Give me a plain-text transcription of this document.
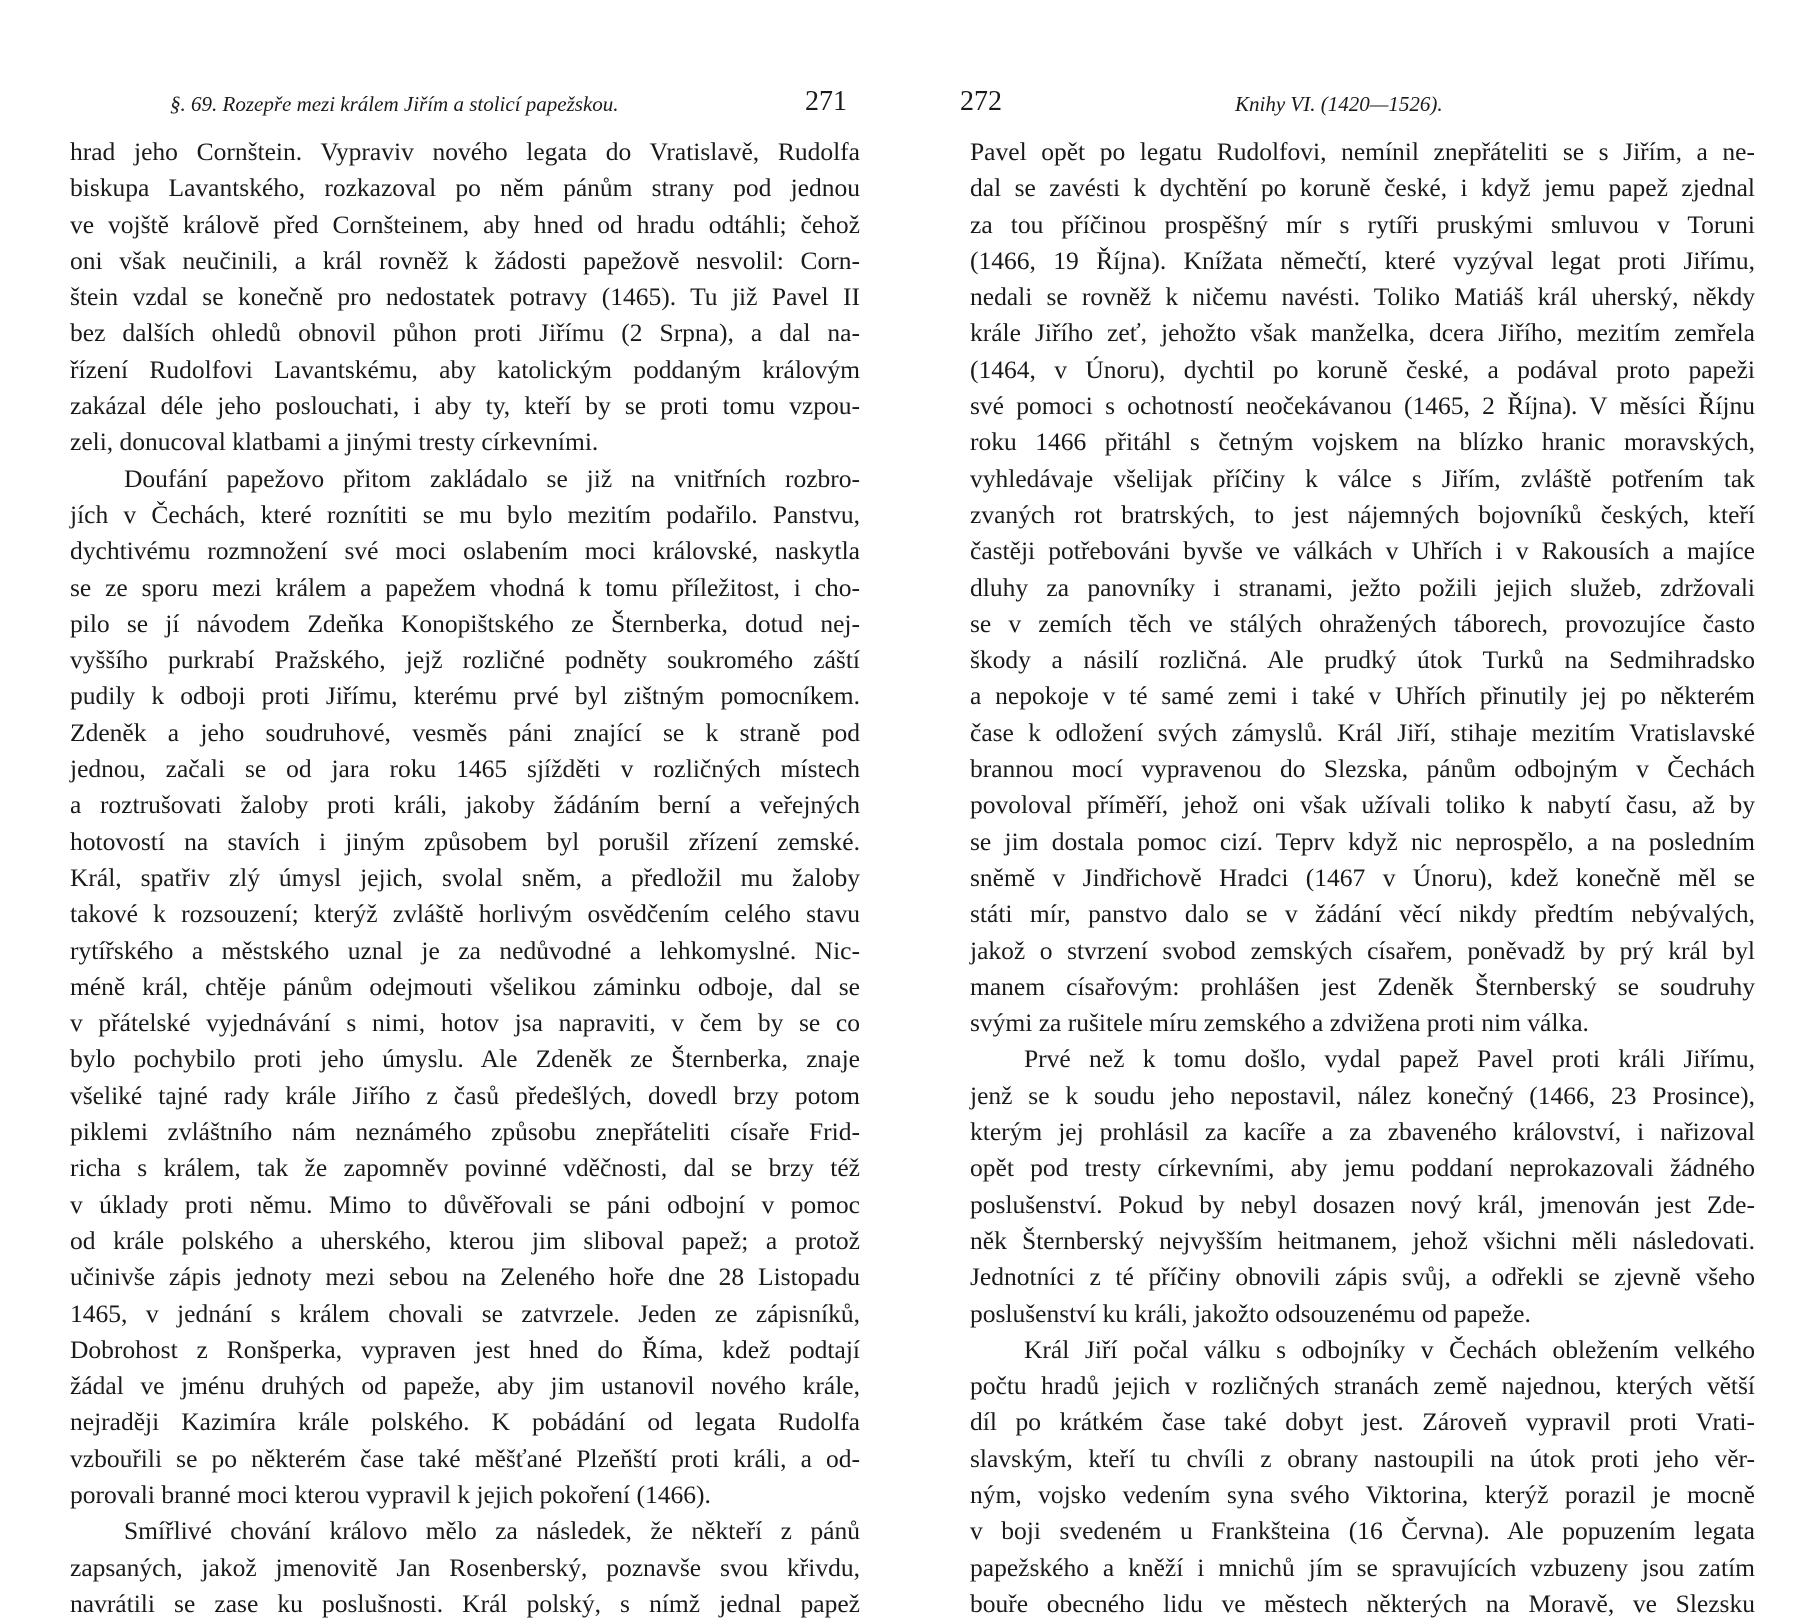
§. 69. Rozepře mezi králem Jiřím a stolicí papežskou.	271
hrad jeho Cornštein. Vypraviv nového legata do Vratislavě, Rudolfa
biskupa Lavantského, rozkazoval po něm pánům strany pod jednou
ve vojště královĕ před Cornšteinem, aby hned od hradu odtáhli; čehož
oni však neučinili, a král rovněž k žádosti papežově nesvolil: Corn-
štein vzdal se konečně pro nedostatek potravy (1465). Tu již Pavel II
bez dalších ohledů obnovil půhon proti Jiřímu (2 Srpna), a dal na-
řízení Rudolfovi Lavantskému, aby katolickým poddaným královým
zakázal déle jeho poslouchati, i aby ty, kteří by se proti tomu vzpou-
zeli, donucoval klatbami a jinými tresty církevními.
Doufání papežovo přitom zakládalo se již na vnitřních rozbro-
jích v Čechách, které roznítiti se mu bylo mezitím podařilo. Panstvu,
dychtivému rozmnožení své moci oslabením moci královské, naskytla
se ze sporu mezi králem a papežem vhodná k tomu příležitost, i cho-
pilo se jí návodem Zdeňka Konopištského ze Šternberka, dotud nej-
vyššího purkrabí Pražského, jejž rozličné podněty soukromého záští
pudily k odboji proti Jiřímu, kterému prvé byl zištným pomocníkem.
Zdeněk a jeho soudruhové, vesměs páni znající se k straně pod
jednou, začali se od jara roku 1465 sjížděti v rozličných místech
a roztrušovati žaloby proti králi, jakoby žádáním berní a veřejných
hotovostí na stavích i jiným způsobem byl porušil zřízení zemské.
Král, spatřiv zlý úmysl jejich, svolal sněm, a předložil mu žaloby
takové k rozsouzení; kterýž zvláště horlivým osvědčením celého stavu
rytířského a městského uznal je za nedůvodné a lehkomyslné. Nic-
méně král, chtěje pánům odejmouti všelikou záminku odboje, dal se
v přátelské vyjednávání s nimi, hotov jsa napraviti, v čem by se co
bylo pochybilo proti jeho úmyslu. Ale Zdeněk ze Šternberka, znaje
všeliké tajné rady krále Jiřího z časů předešlých, dovedl brzy potom
piklemi zvláštního nám neznámého způsobu znepřáteliti císaře Frid-
richa s králem, tak že zapomněv povinné vděčnosti, dal se brzy též
v úklady proti němu. Mimo to důvěřovali se páni odbojní v pomoc
od krále polského a uherského, kterou jim sliboval papež; a protož
učinivše zápis jednoty mezi sebou na Zeleného hoře dne 28 Listopadu
1465, v jednání s králem chovali se zatvrzele. Jeden ze zápisníků,
Dobrohost z Ronšperka, vypraven jest hned do Říma, kdež podtají
žádal ve jménu druhých od papeže, aby jim ustanovil nového krále,
nejraději Kazimíra krále polského. K pobádání od legata Rudolfa
vzbouřili se po některém čase také měšťané Plzeňští proti králi, a od-
porovali branné moci kterou vypravil k jejich pokoření (1466).
Smířlivé chování královo mělo za následek, že někteří z pánů
zapsaných, jakož jmenovitě Jan Rosenberský, poznavše svou křivdu,
navrátili se zase ku poslušnosti. Král polský, s nímž jednal papež
272	Knihy VI. (1420—1526).
Pavel opět po legatu Rudolfovi, nemínil znepřáteliti se s Jiřím, a ne-
dal se zavésti k dychtění po koruně české, i když jemu papež zjednal
za tou příčinou prospěšný mír s rytíři pruskými smluvou v Toruni
(1466, 19 Října). Knížata němečtí, které vyzýval legat proti Jiřímu,
nedali se rovněž k ničemu navésti. Toliko Matiáš král uherský, někdy
krále Jiřího zeť, jehožto však manželka, dcera Jiřího, mezitím zemřela
(1464, v Únoru), dychtil po koruně české, a podával proto papeži
své pomoci s ochotností neočekávanou (1465, 2 Října). V měsíci Říjnu
roku 1466 přitáhl s četným vojskem na blízko hranic moravských,
vyhledávaje všelijak příčiny k válce s Jiřím, zvláště potřením tak
zvaných rot bratrských, to jest nájemných bojovníků českých, kteří
častěji potřebováni byvše ve válkách v Uhřích i v Rakousích a majíce
dluhy za panovníky i stranami, ježto požili jejich služeb, zdržovali
se v zemích těch ve stálých ohražených táborech, provozujíce často
škody a násilí rozličná. Ale prudký útok Turků na Sedmihradsko
a nepokoje v té samé zemi i také v Uhřích přinutily jej po některém
čase k odložení svých zámyslů. Král Jiří, stihaje mezitím Vratislavské
brannou mocí vypravenou do Slezska, pánům odbojným v Čechách
povoloval příměří, jehož oni však užívali toliko k nabytí času, až by
se jim dostala pomoc cizí. Teprv když nic neprospělo, a na posledním
sněmě v Jindřichově Hradci (1467 v Únoru), kdež konečně měl se
státi mír, panstvo dalo se v žádání věcí nikdy předtím nebývalých,
jakož o stvrzení svobod zemských císařem, poněvadž by prý král byl
manem císařovým: prohlášen jest Zdeněk Šternberský se soudruhy
svými za rušitele míru zemského a zdvižena proti nim válka.
Prvé než k tomu došlo, vydal papež Pavel proti králi Jiřímu,
jenž se k soudu jeho nepostavil, nález konečný (1466, 23 Prosince),
kterým jej prohlásil za kacíře a za zbaveného království, i nařizoval
opět pod tresty církevními, aby jemu poddaní neprokazovali žádného
poslušenství. Pokud by nebyl dosazen nový král, jmenován jest Zde-
něk Šternberský nejvyšším heitmanem, jehož všichni měli následovati.
Jednotníci z té příčiny obnovili zápis svůj, a odřekli se zjevně všeho
poslušenství ku králi, jakožto odsouzenému od papeže.
Král Jiří počal válku s odbojníky v Čechách obležením velkého
počtu hradů jejich v rozličných stranách země najednou, kterých větší
díl po krátkém čase také dobyt jest. Zároveň vypravil proti Vrati-
slavským, kteří tu chvíli z obrany nastoupili na útok proti jeho věr-
ným, vojsko vedením syna svého Viktorina, kterýž porazil je mocně
v boji svedeném u Frankšteina (16 Června). Ale popuzením legata
papežského a kněží i mnichů jím se spravujících vzbuzeny jsou zatím
bouře obecného lidu ve městech některých na Moravě, ve Slezsku
